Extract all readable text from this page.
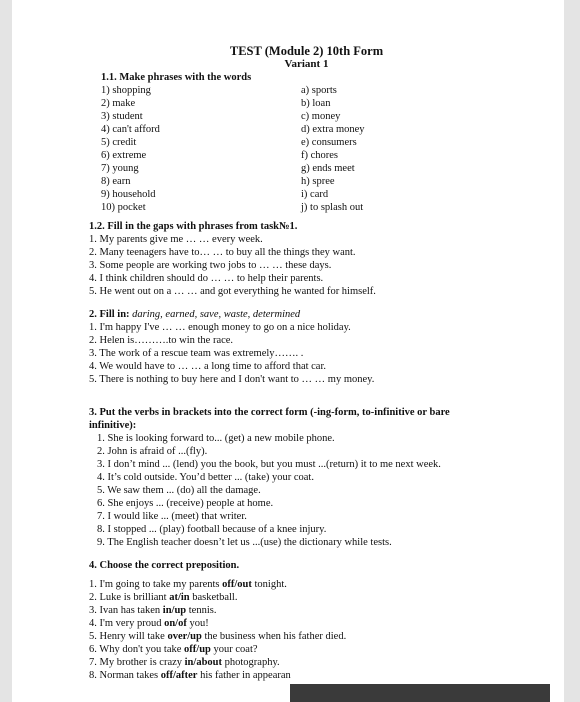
TEST (Module 2) 10th Form
Variant 1
1.1. Make phrases with the words
1) shopping	a) sports
2) make	b) loan
3) student	c) money
4) can't afford	d) extra money
5) credit	e) consumers
6) extreme	f) chores
7) young	g) ends meet
8) earn	h) spree
9) household	i) card
10) pocket	j) to splash out
1.2. Fill in the gaps with phrases from task№1.
1. My parents give me … … every week.
2. Many teenagers have to… … to buy all the things they want.
3. Some people are working two jobs to … … these days.
4. I think children should do … … to help their parents.
5. He went out on a … … and got everything he wanted for himself.
2. Fill in: daring, earned, save, waste, determined
1. I'm happy I've … … enough money to go on a nice holiday.
2. Helen is……….to win the race.
3. The work of a rescue team was extremely……. .
4. We would have to … … a long time to afford that car.
5. There is nothing to buy here and I don't want to … … my money.
3. Put the verbs in brackets into the correct form (-ing-form, to-infinitive or bare
infinitive):
1. She is looking forward to... (get) a new mobile phone.
2. John is afraid of ...(fly).
3. I don’t mind ... (lend) you the book, but you must ...(return) it to me next week.
4. It’s cold outside. You’d better ... (take) your coat.
5. We saw them ... (do) all the damage.
6. She enjoys ... (receive) people at home.
7. I would like ... (meet) that writer.
8. I stopped ... (play) football because of a knee injury.
9. The English teacher doesn’t let us ...(use) the dictionary while tests.
4. Choose the correct preposition.
1. I'm going to take my parents off/out tonight.
2. Luke is brilliant at/in basketball.
3. Ivan has taken in/up tennis.
4. I'm very proud on/of you!
5. Henry will take over/up the business when his father died.
6. Why don't you take off/up your coat?
7. My brother is crazy in/about photography.
8. Norman takes off/after his father in appearan
